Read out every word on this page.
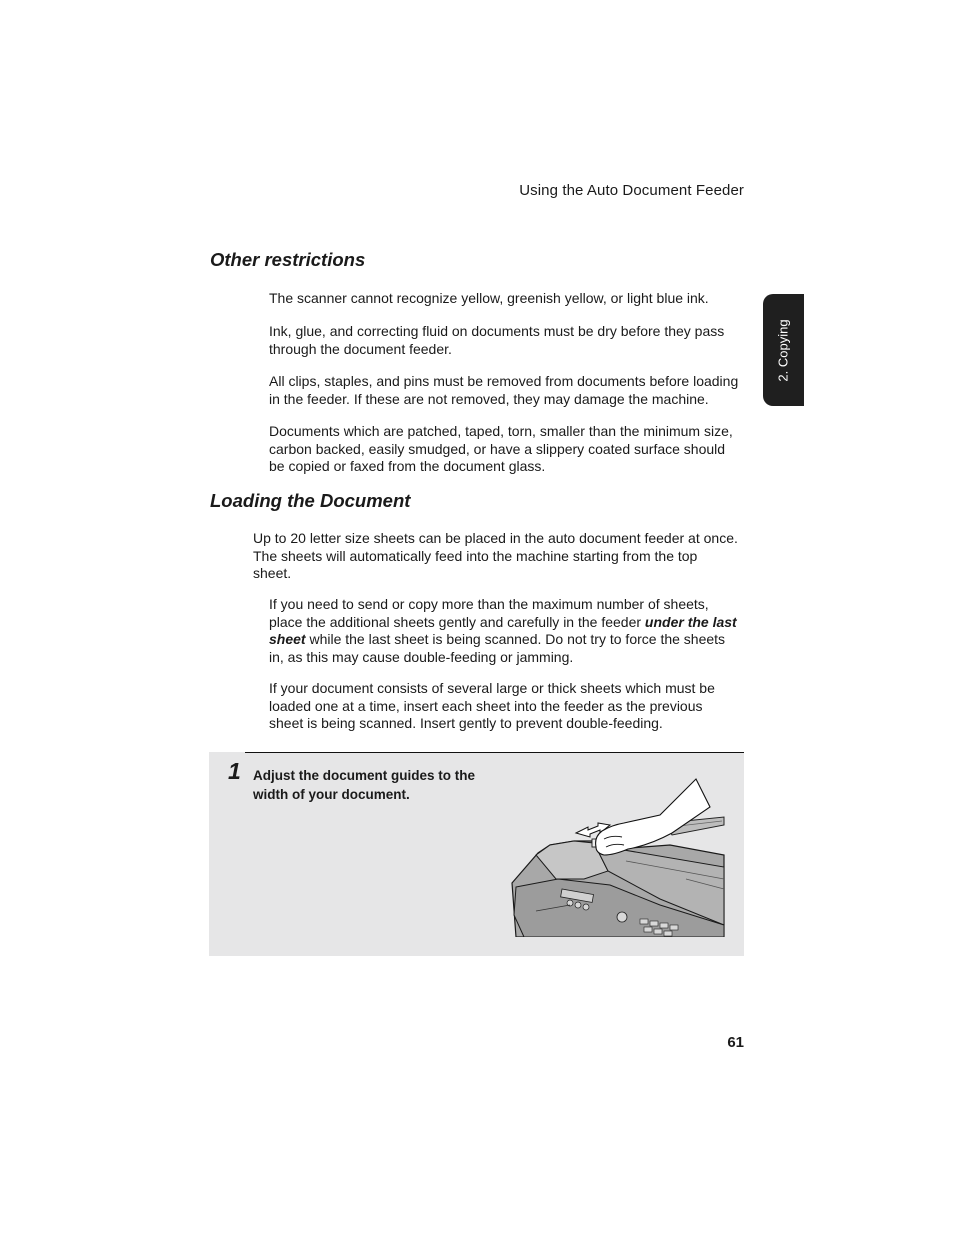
Using the Auto Document Feeder
2. Copying
Other restrictions

The scanner cannot recognize yellow, greenish yellow, or light blue ink.

Ink, glue, and correcting fluid on documents must be dry before they pass through the document feeder.

All clips, staples, and pins must be removed from documents before loading in the feeder. If these are not removed, they may damage the machine.

Documents which are patched, taped, torn, smaller than the minimum size, carbon backed, easily smudged, or have a slippery coated surface should be copied or faxed from the document glass.

Loading the Document

Up to 20 letter size sheets can be placed in the auto document feeder at once. The sheets will automatically feed into the machine starting from the top sheet.

If you need to send or copy more than the maximum number of sheets, place the additional sheets gently and carefully in the feeder under the last sheet while the last sheet is being scanned. Do not try to force the sheets in, as this may cause double-feeding or jamming.

If your document consists of several large or thick sheets which must be loaded one at a time, insert each sheet into the feeder as the previous sheet is being scanned. Insert gently to prevent double-feeding.

1 Adjust the document guides to the width of your document.
61
